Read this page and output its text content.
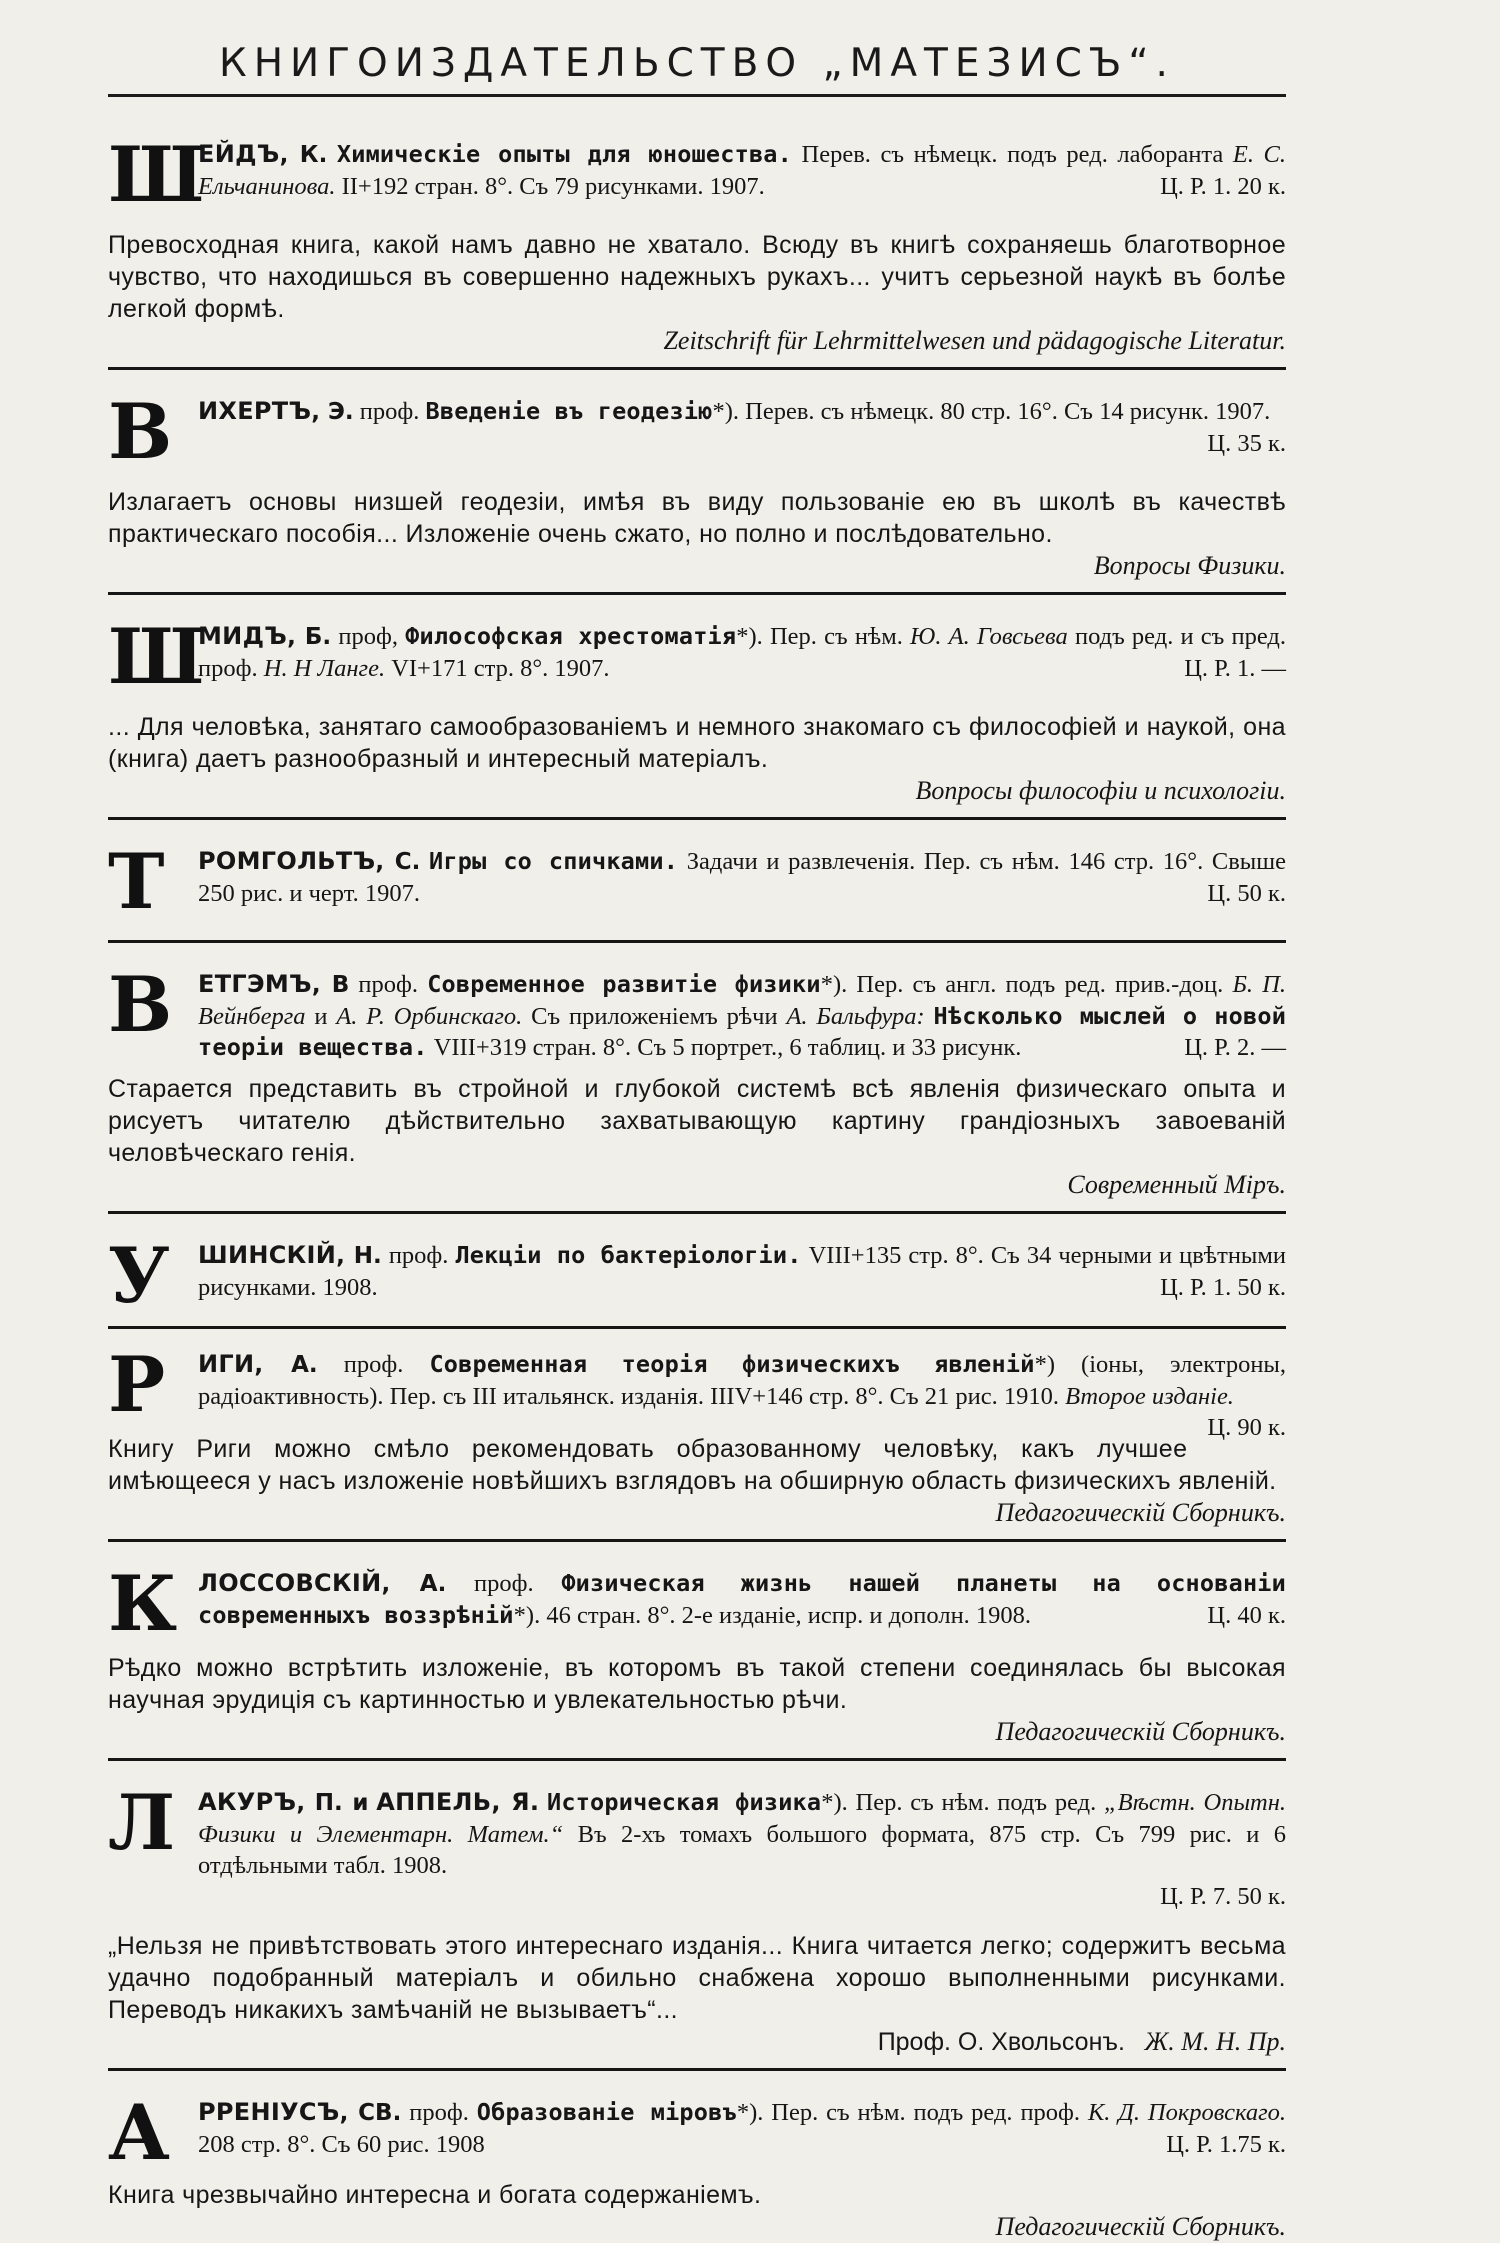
КНИГОИЗДАТЕЛЬСТВО „МАТЕЗИСЪ“.
Ш
ЕЙДЪ, К. Химическiе опыты для юношества. Перев. съ нѣмецк. подъ ред. лаборанта Е. С. Ельчанинова. II+192 стран. 8°. Съ 79 рисунками. 1907.	Ц. Р. 1. 20 к.
Превосходная книга, какой намъ давно не хватало. Всюду въ книгѣ сохраняешь благотворное чувство, что находишься въ совершенно надежныхъ рукахъ... учитъ серьезной наукѣ въ болѣе легкой формѣ.
Zeitschrift für Lehrmittelwesen und pädagogische Literatur.
В ИХЕРТЪ, Э. проф. Введенiе въ геодезiю*). Перев. съ нѣмецк. 80 стр. 16°. Съ 14 рисунк. 1907.
Ц. 35 к.
Излагаетъ основы низшей геодезiи, имѣя въ виду пользованiе ею въ школѣ въ качествѣ практическаго пособiя... Изложенiе очень сжато, но полно и послѣдовательно.
Вопросы Физики.
Ш
МИДЪ, Б. проф, Философская хрестоматiя*). Пер. съ нѣм. Ю. А. Говсьева подъ ред. и съ пред. проф. Н. Н Ланге. VI+171 стр. 8°. 1907.	Ц. Р. 1. —
... Для человѣка, занятаго самообразованiемъ и немного знакомаго съ философiей и наукой, она (книга) даетъ разнообразный и интересный матерiалъ.
Вопросы философiи и психологiи.
Т РОМГОЛЬТЪ, С. Игры со спичками. Задачи и развлеченiя. Пер. съ нѣм. 146 стр. 16°. Свыше 250 рис. и черт. 1907.	Ц. 50 к.
В ЕТГЭМЪ, В проф. Современное развитiе физики*). Пер. съ англ. подъ ред. прив.-доц. Б. П. Вейнберга и А. Р. Орбинскаго. Съ приложенiемъ рѣчи А. Бальфура: Нѣсколько мыслей о новой теорiи вещества. VIII+319 стран. 8°. Съ 5 портрет., 6 таблиц. и 33 рисунк.	Ц. Р. 2. —
Старается представить въ стройной и глубокой системѣ всѣ явленiя физическаго опыта и рисуетъ читателю дѣйствительно захватывающую картину грандiозныхъ завоеванiй человѣческаго генiя.
Современный Мiръ.
У ШИНСКIЙ, Н. проф. Лекцiи по бактерiологiи. VIII+135 стр. 8°. Съ 34 черными и цвѣтными рисунками. 1908.	Ц. Р. 1. 50 к.
Р ИГИ, А. проф. Современная теорiя физическихъ явленiй*) (iоны, электроны, радiоактивность). Пер. съ III итальянск. изданiя. IIIV+146 стр. 8°. Съ 21 рис. 1910. Второе изданiе.
Ц. 90 к.
Книгу Риги можно смѣло рекомендовать образованному человѣку, какъ лучшее имѣющееся у насъ изложенiе новѣйшихъ взглядовъ на обширную область физическихъ явленiй.
Педагогическiй Сборникъ.
К ЛОССОВСКIЙ, А. проф. Физическая жизнь нашей планеты на основанiи современныхъ воззрѣнiй*). 46 стран. 8°. 2-е изданiе, испр. и дополн. 1908.	Ц. 40 к.
Рѣдко можно встрѣтить изложенiе, въ которомъ въ такой степени соединялась бы высокая научная эрудицiя съ картинностью и увлекательностью рѣчи.
Педагогическiй Сборникъ.
Л АКУРЪ, П. и АППЕЛЬ, Я. Историческая физика*). Пер. съ нѣм. подъ ред. „Вѣстн. Опытн. Физики и Элементарн. Матем.“ Въ 2-хъ томахъ большого формата, 875 стр. Съ 799 рис. и 6 отдѣльными табл. 1908.
Ц. Р. 7. 50 к.
„Нельзя не привѣтствовать этого интереснаго изданiя... Книга читается легко; содержитъ весьма удачно подобранный матерiалъ и обильно снабжена хорошо выполненными рисунками. Переводъ никакихъ замѣчанiй не вызываетъ“...
Проф. О. Хвольсонъ. Ж. М. Н. Пр.
А РРЕНIУСЪ, СВ. проф. Образованiе мiровъ*). Пер. съ нѣм. подъ ред. проф. К. Д. Покровскаго. 208 стр. 8°. Съ 60 рис. 1908	Ц. Р. 1.75 к.
Книга чрезвычайно интересна и богата содержанiемъ.
Педагогическiй Сборникъ.
